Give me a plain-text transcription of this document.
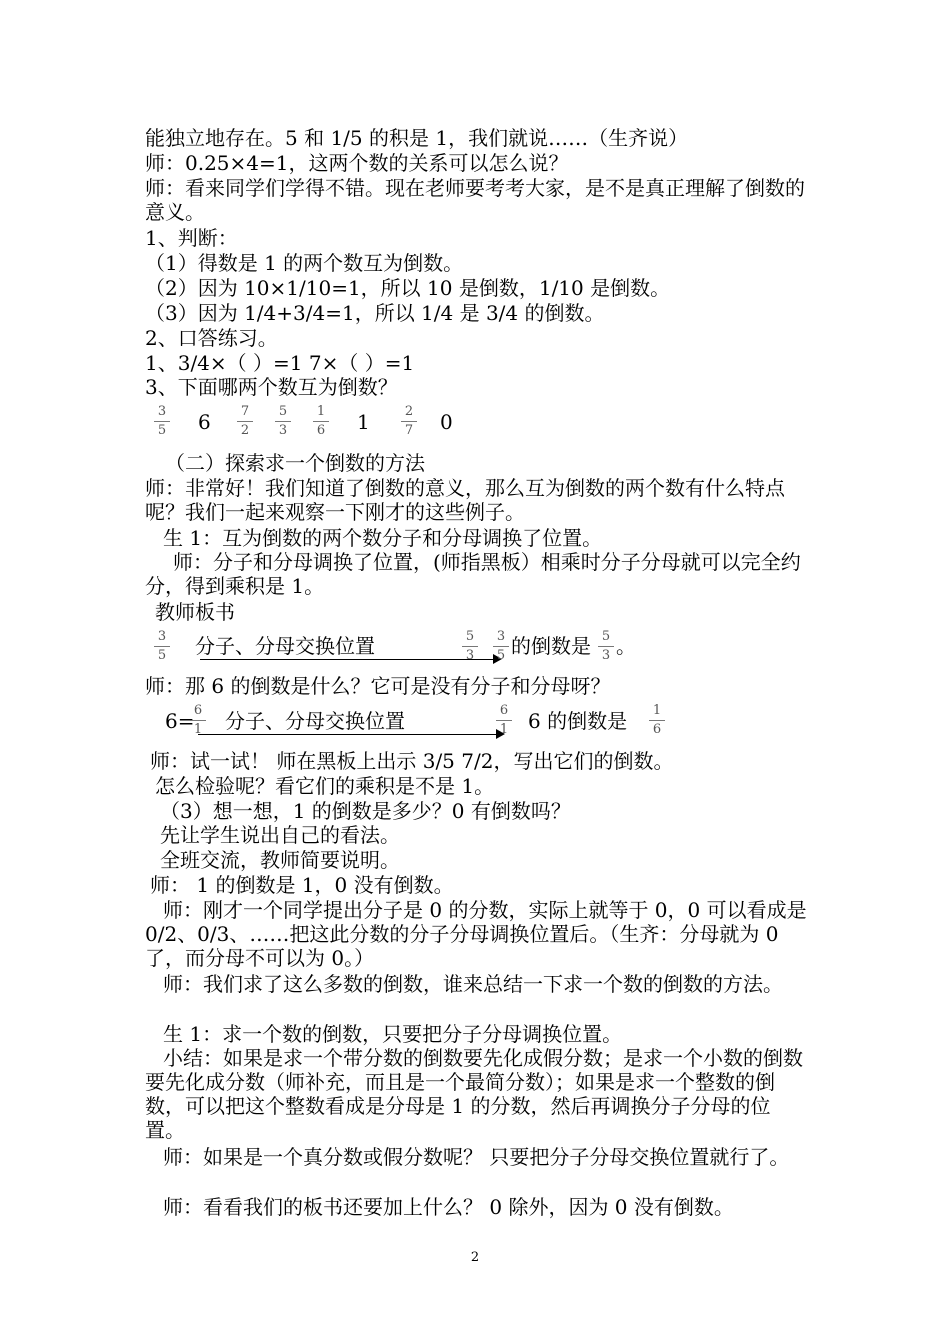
能独立地存在。5 和 1/5 的积是 1，我们就说……（生齐说）
师：0.25×4=1，这两个数的关系可以怎么说？
师：看来同学们学得不错。现在老师要考考大家，是不是真正理解了倒数的意义。
1、判断：
（1）得数是 1 的两个数互为倒数。
（2）因为 10×1/10=1，所以 10 是倒数，1/10 是倒数。
（3）因为 1/4+3/4=1，所以 1/4 是 3/4 的倒数。
2、口答练习。
1、3/4×（ ）=1 7×（ ）=1
3、下面哪两个数互为倒数？
3
5 6	7
2
5
3
1
6 1	2
7 0
（二）探索求一个倒数的方法
师：非常好！我们知道了倒数的意义，那么互为倒数的两个数有什么特点呢？我们一起来观察一下刚才的这些例子。
生 1：互为倒数的两个数分子和分母调换了位置。
师：分子和分母调换了位置，(师指黑板）相乘时分子分母就可以完全约分，得到乘积是 1。
教师板书
3
5 分子、分母交换位置	5
3
3
5 的倒数是 5
3 。
师：那 6 的倒数是什么？它可是没有分子和分母呀？
6= 6
1 分子、分母交换位置	6
1 6 的倒数是	1
6
师：试一试！ 师在黑板上出示 3/5 7/2，写出它们的倒数。
怎么检验呢？看它们的乘积是不是 1。
（3）想一想，1 的倒数是多少？0 有倒数吗？
先让学生说出自己的看法。
全班交流，教师简要说明。
师： 1 的倒数是 1，0 没有倒数。
师：刚才一个同学提出分子是 0 的分数，实际上就等于 0，0 可以看成是 0/2、0/3、……把这此分数的分子分母调换位置后。（生齐：分母就为 0 了，而分母不可以为 0。）
师：我们求了这么多数的倒数，谁来总结一下求一个数的倒数的方法。
生 1：求一个数的倒数，只要把分子分母调换位置。
小结：如果是求一个带分数的倒数要先化成假分数；是求一个小数的倒数要先化成分数（师补充，而且是一个最简分数）；如果是求一个整数的倒数，可以把这个整数看成是分母是 1 的分数，然后再调换分子分母的位置。
师：如果是一个真分数或假分数呢？ 只要把分子分母交换位置就行了。
师：看看我们的板书还要加上什么？ 0 除外，因为 0 没有倒数。
2
